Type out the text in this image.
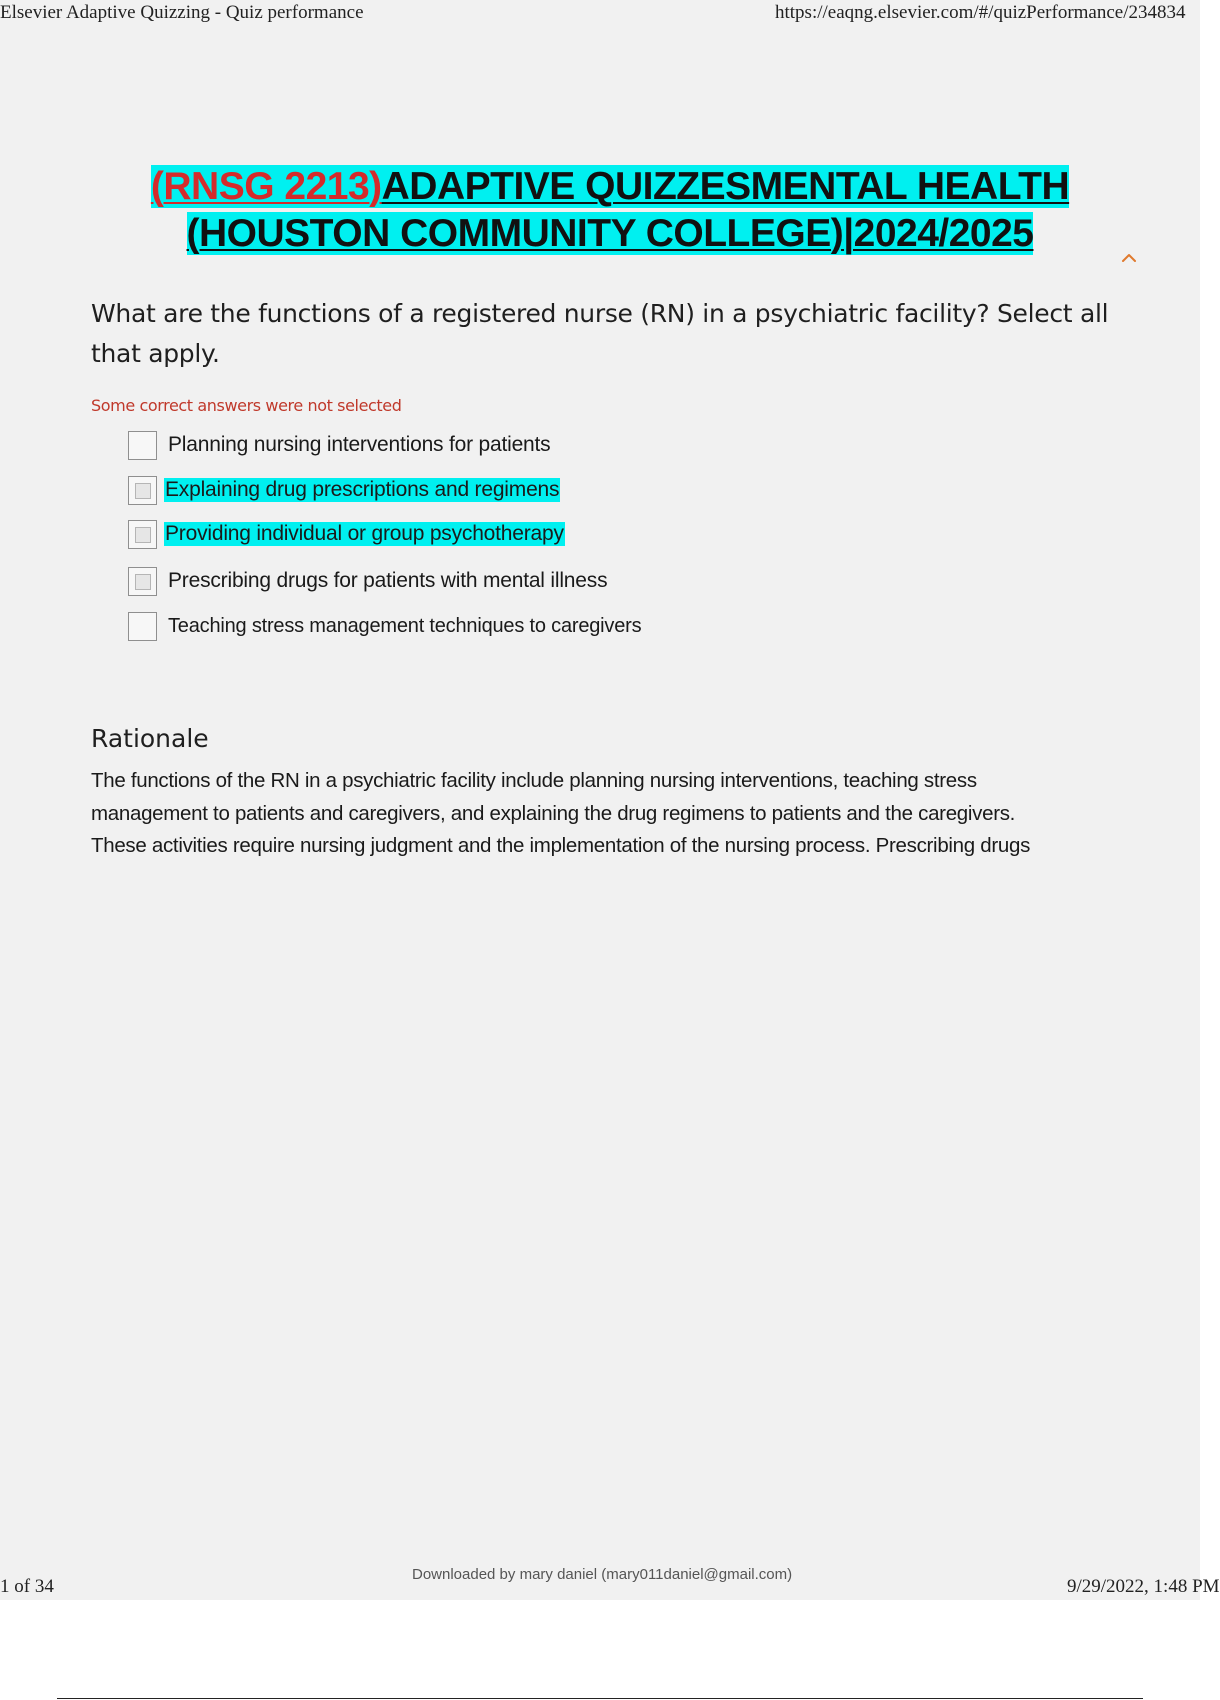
Elsevier Adaptive Quizzing - Quiz performance	https://eaqng.elsevier.com/#/quizPerformance/234834
(RNSG 2213)ADAPTIVE QUIZZESMENTAL HEALTH
(HOUSTON COMMUNITY COLLEGE)|2024/2025
What are the functions of a registered nurse (RN) in a psychiatric facility? Select all that apply.
Some correct answers were not selected
Planning nursing interventions for patients
Explaining drug prescriptions and regimens
Providing individual or group psychotherapy
Prescribing drugs for patients with mental illness
Teaching stress management techniques to caregivers
Rationale
The functions of the RN in a psychiatric facility include planning nursing interventions, teaching stress
management to patients and caregivers, and explaining the drug regimens to patients and the caregivers.
These activities require nursing judgment and the implementation of the nursing process. Prescribing drugs
1 of 34
Downloaded by mary daniel (mary011daniel@gmail.com)
9/29/2022, 1:48 PM
